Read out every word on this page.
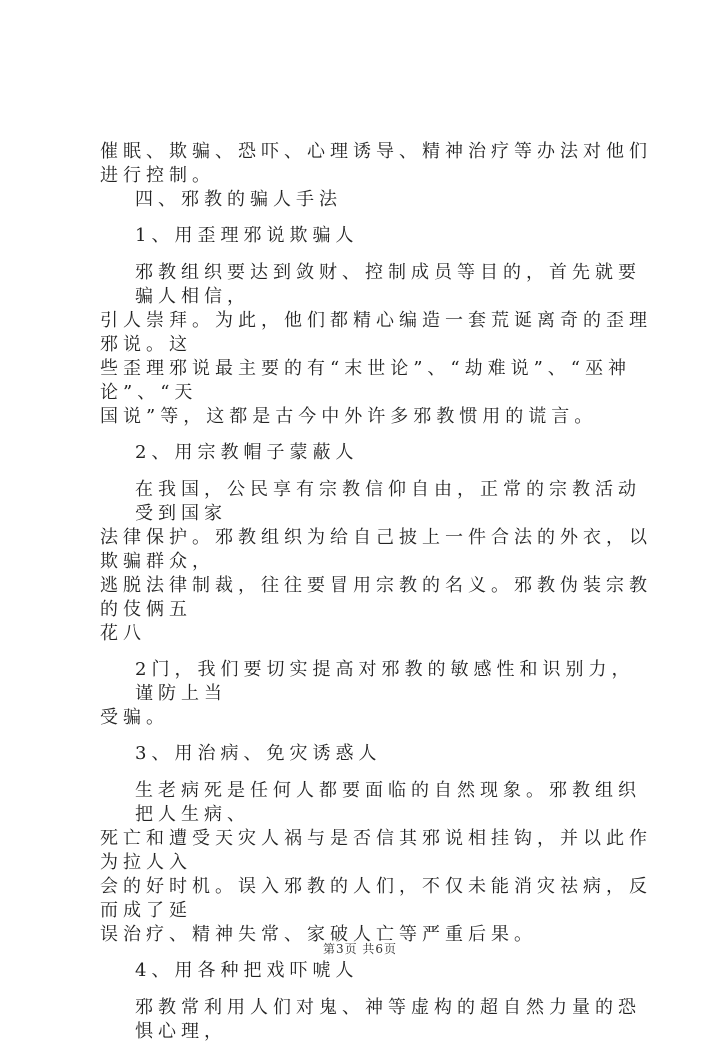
催眠、欺骗、恐吓、心理诱导、精神治疗等办法对他们进行控制。
四、邪教的骗人手法
1、用歪理邪说欺骗人
邪教组织要达到敛财、控制成员等目的，首先就要骗人相信，
引人崇拜。为此，他们都精心编造一套荒诞离奇的歪理邪说。这
些歪理邪说最主要的有“末世论”、“劫难说”、“巫神论”、“天
国说”等，这都是古今中外许多邪教惯用的谎言。
2、用宗教帽子蒙蔽人
在我国，公民享有宗教信仰自由，正常的宗教活动受到国家
法律保护。邪教组织为给自己披上一件合法的外衣，以欺骗群众，
逃脱法律制裁，往往要冒用宗教的名义。邪教伪装宗教的伎俩五
花八
2门，我们要切实提高对邪教的敏感性和识别力，谨防上当
受骗。
3、用治病、免灾诱惑人
生老病死是任何人都要面临的自然现象。邪教组织把人生病、
死亡和遭受天灾人祸与是否信其邪说相挂钩，并以此作为拉人入
会的好时机。误入邪教的人们，不仅未能消灾祛病，反而成了延
误治疗、精神失常、家破人亡等严重后果。
4、用各种把戏吓唬人
邪教常利用人们对鬼、神等虚构的超自然力量的恐惧心理，
第3页 共6页
